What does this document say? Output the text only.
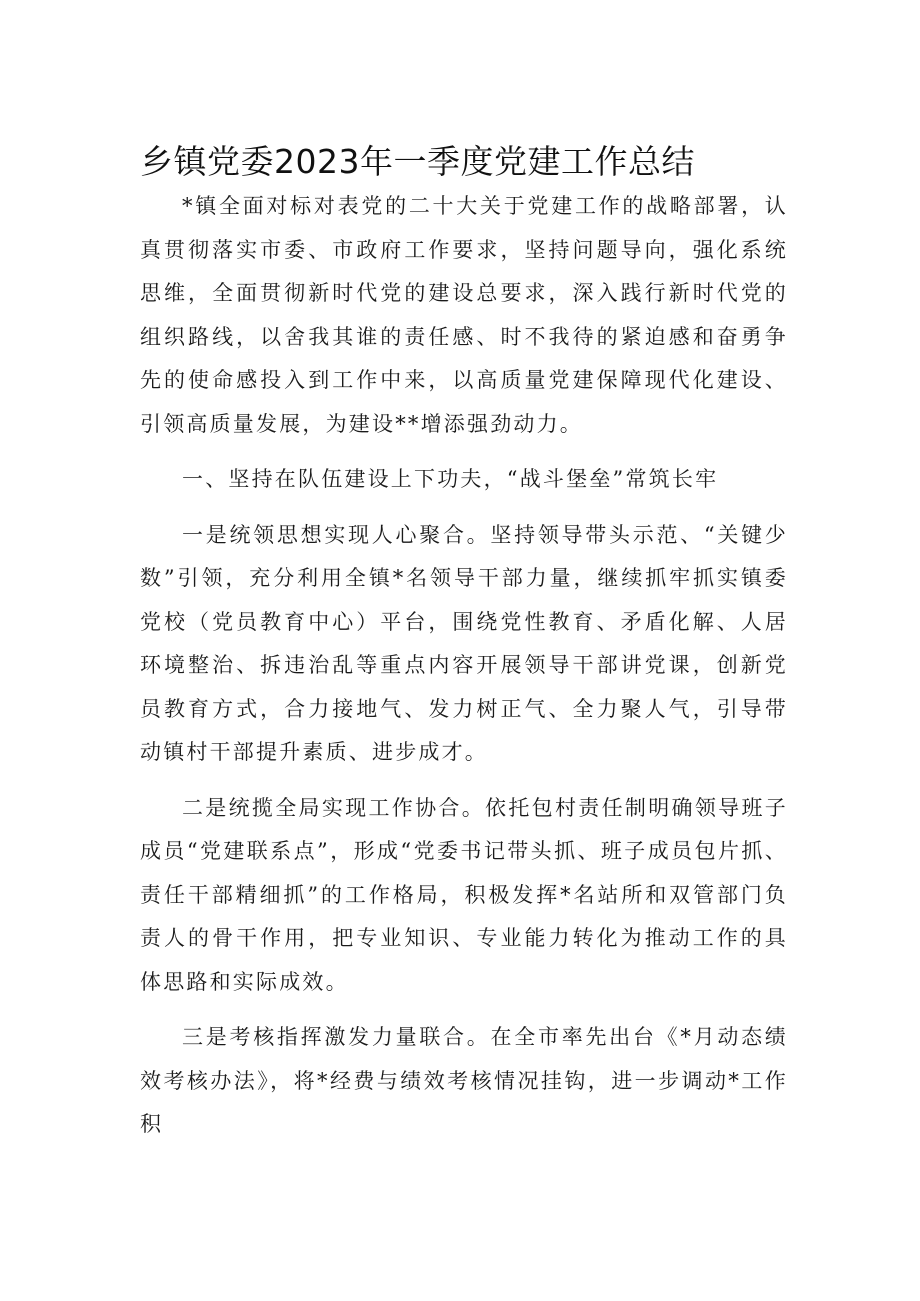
乡镇党委2023年一季度党建工作总结

*镇全面对标对表党的二十大关于党建工作的战略部署，认真贯彻落实市委、市政府工作要求，坚持问题导向，强化系统思维，全面贯彻新时代党的建设总要求，深入践行新时代党的组织路线，以舍我其谁的责任感、时不我待的紧迫感和奋勇争先的使命感投入到工作中来，以高质量党建保障现代化建设、引领高质量发展，为建设**增添强劲动力。

一、坚持在队伍建设上下功夫，“战斗堡垒”常筑长牢

一是统领思想实现人心聚合。坚持领导带头示范、“关键少数”引领，充分利用全镇*名领导干部力量，继续抓牢抓实镇委党校（党员教育中心）平台，围绕党性教育、矛盾化解、人居环境整治、拆违治乱等重点内容开展领导干部讲党课，创新党员教育方式，合力接地气、发力树正气、全力聚人气，引导带动镇村干部提升素质、进步成才。

二是统揽全局实现工作协合。依托包村责任制明确领导班子成员“党建联系点”，形成“党委书记带头抓、班子成员包片抓、责任干部精细抓”的工作格局，积极发挥*名站所和双管部门负责人的骨干作用，把专业知识、专业能力转化为推动工作的具体思路和实际成效。

三是考核指挥激发力量联合。在全市率先出台《*月动态绩效考核办法》，将*经费与绩效考核情况挂钩，进一步调动*工作积
